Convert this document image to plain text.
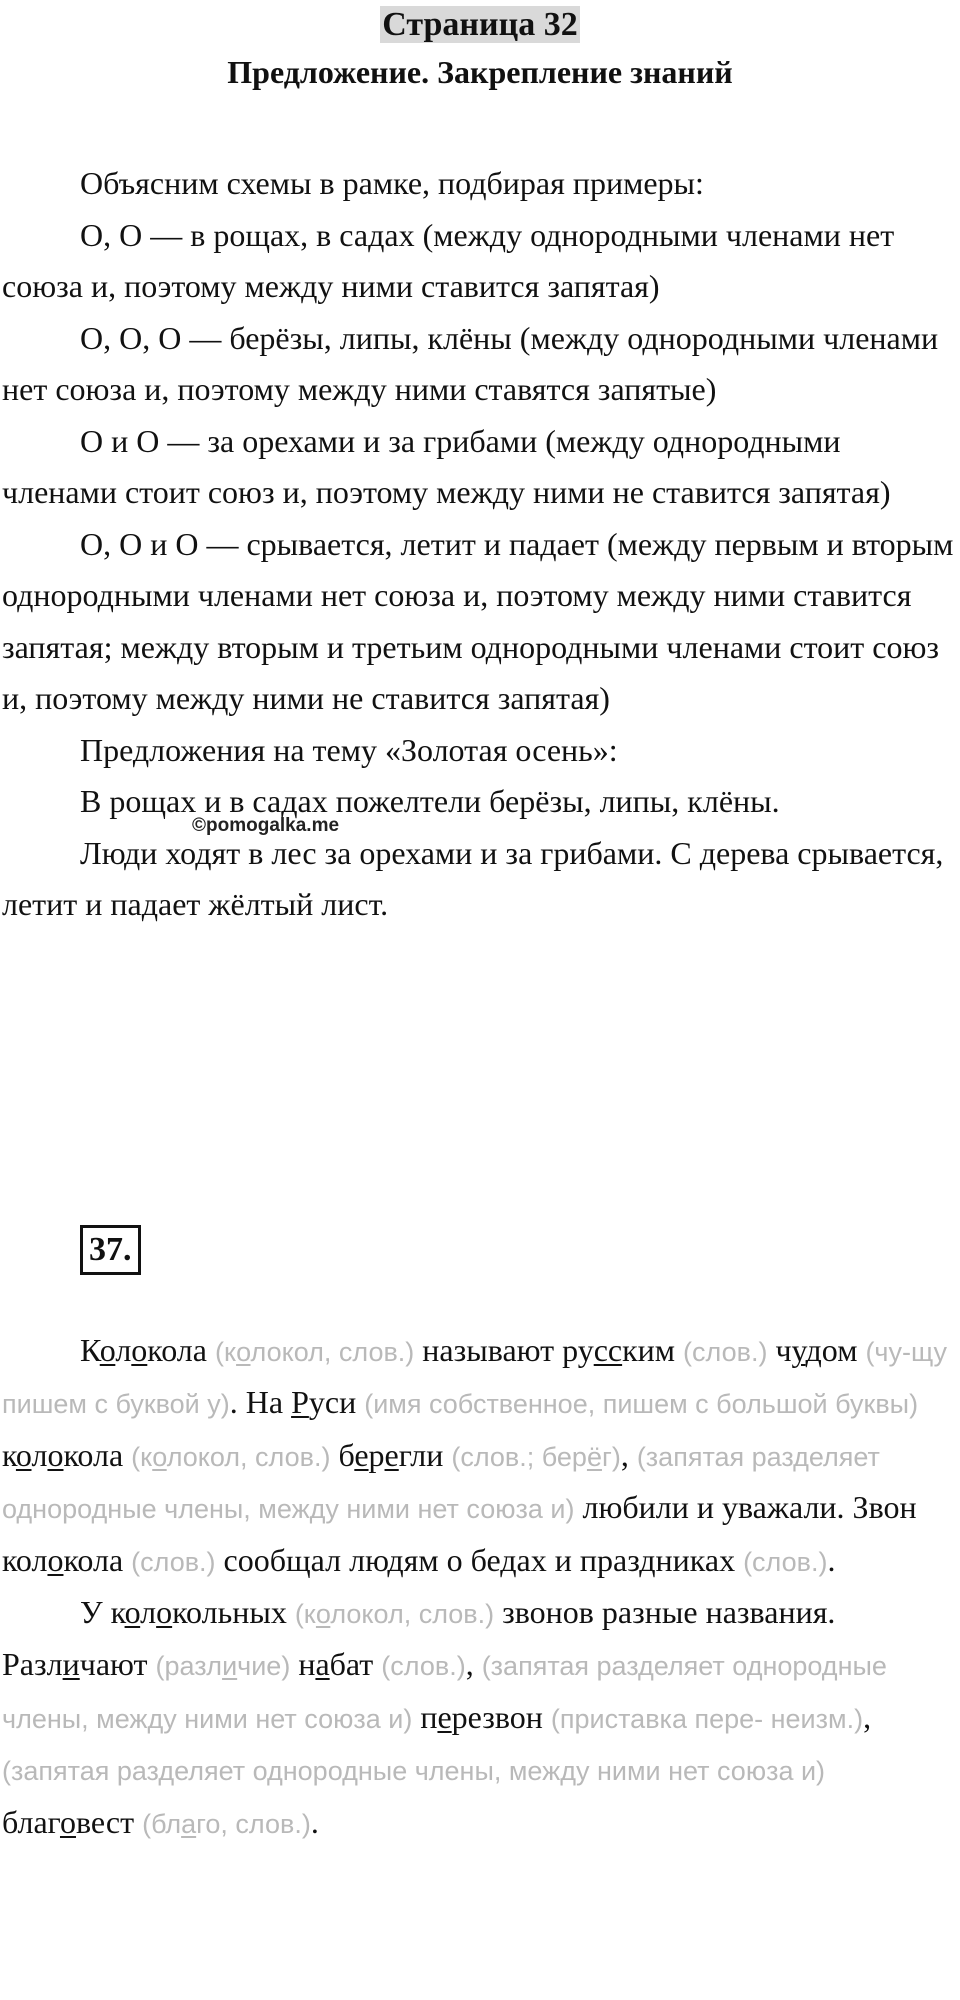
Страница 32
Предложение. Закрепление знаний

Объясним схемы в рамке, подбирая примеры:

О, О — в рощах, в садах (между однородными членами нет союза и, поэтому между ними ставится запятая)

О, О, О — берёзы, липы, клёны (между однородными членами нет союза и, поэтому между ними ставятся запятые)

О и О — за орехами и за грибами (между однородными членами стоит союз и, поэтому между ними не ставится запятая)

О, О и О — срывается, летит и падает (между первым и вторым однородными членами нет союза и, поэтому между ними ставится запятая; между вторым и третьим однородными членами стоит союз и, поэтому между ними не ставится запятая)

Предложения на тему «Золотая осень»:

В рощах и в садах пожелтели берёзы, липы, клёны.

Люди ходят в лес за орехами и за грибами. С дерева срывается, летит и падает жёлтый лист.

©pomogalka.me
37.

Колокола (колокол, слов.) называют русским (слов.) чудом (чу-щу пишем с буквой у). На Руси (имя собственное, пишем с большой буквы) колокола (колокол, слов.) берегли (слов.; берёг), (запятая разделяет однородные члены, между ними нет союза и) любили и уважали. Звон колокола (слов.) сообщал людям о бедах и праздниках (слов.).

У колокольных (колокол, слов.) звонов разные названия. Различают (различие) набат (слов.), (запятая разделяет однородные члены, между ними нет союза и) перезвон (приставка пере- неизм.), (запятая разделяет однородные члены, между ними нет союза и) благовест (благо, слов.).
